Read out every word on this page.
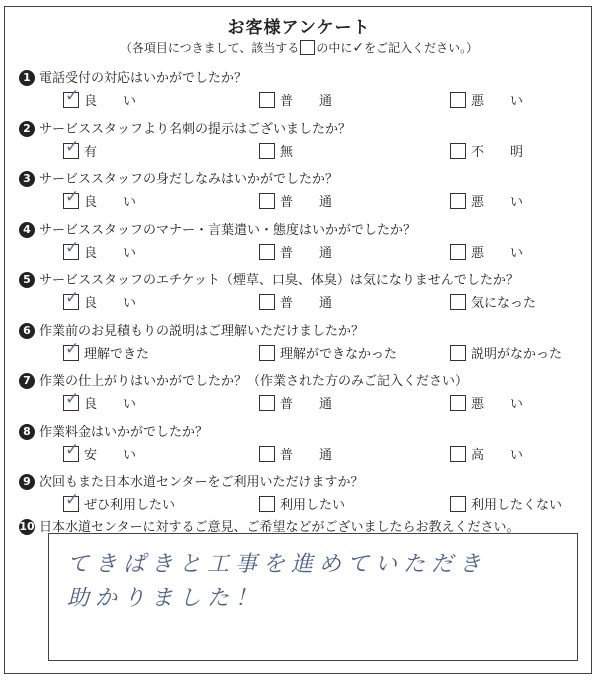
お客様アンケート
（各項目につきまして、該当する の中に✓をご記入ください。）
1 電話受付の対応はいかがでしたか？
✓良　　い	普　　通	悪　　い
2 サービススタッフより名刺の提示はございましたか？
✓有	無	不　　明
3 サービススタッフの身だしなみはいかがでしたか？
✓良　　い	普　　通	悪　　い
4 サービススタッフのマナー・言葉遣い・態度はいかがでしたか？
✓良　　い	普　　通	悪　　い
5 サービススタッフのエチケット（煙草、口臭、体臭）は気になりませんでしたか？
✓良　　い	普　　通	気になった
6 作業前のお見積もりの説明はご理解いただけましたか？
✓理解できた	理解ができなかった	説明がなかった
7 作業の仕上がりはいかがでしたか？（作業された方のみご記入ください）
✓良　　い	普　　通	悪　　い
8 作業料金はいかがでしたか？
✓安　　い	普　　通	高　　い
9 次回もまた日本水道センターをご利用いただけますか？
✓ぜひ利用したい	利用したい	利用したくない
10 日本水道センターに対するご意見、ご希望などがございましたらお教えください。
てきぱきと工事を進めていただき
助かりました！
